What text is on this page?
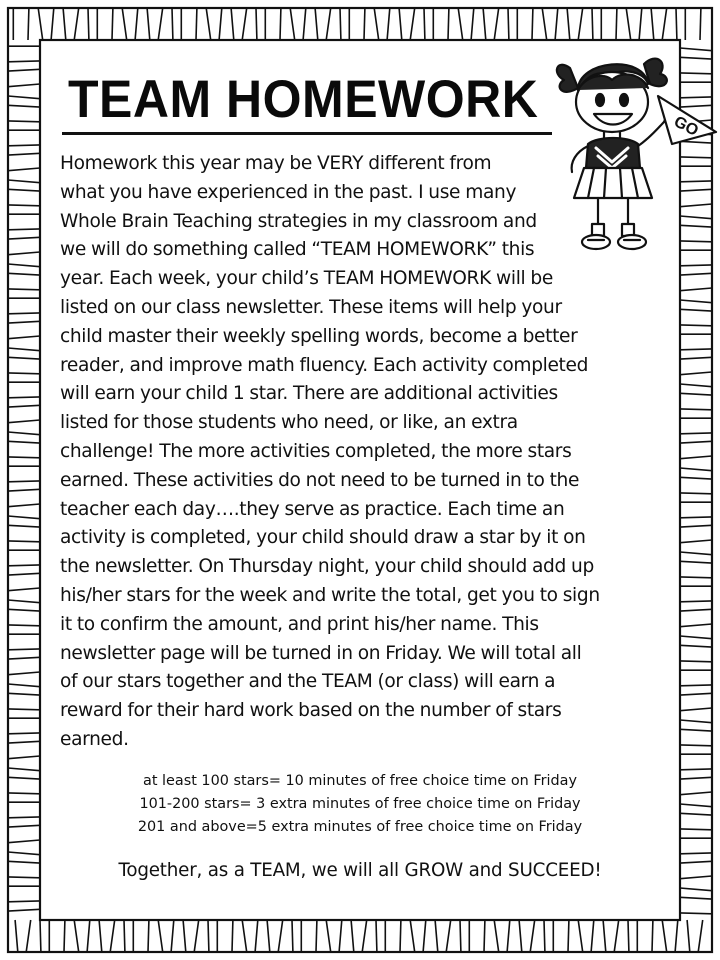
TEAM HOMEWORK	GO

Homework this year may be VERY different from
what you have experienced in the past. I use many
Whole Brain Teaching strategies in my classroom and
we will do something called “TEAM HOMEWORK” this
year. Each week, your child’s TEAM HOMEWORK will be
listed on our class newsletter. These items will help your
child master their weekly spelling words, become a better
reader, and improve math fluency. Each activity completed
will earn your child 1 star. There are additional activities
listed for those students who need, or like, an extra
challenge! The more activities completed, the more stars
earned. These activities do not need to be turned in to the
teacher each day….they serve as practice. Each time an
activity is completed, your child should draw a star by it on
the newsletter. On Thursday night, your child should add up
his/her stars for the week and write the total, get you to sign
it to confirm the amount, and print his/her name. This
newsletter page will be turned in on Friday. We will total all
of our stars together and the TEAM (or class) will earn a
reward for their hard work based on the number of stars
earned.

at least 100 stars= 10 minutes of free choice time on Friday
101-200 stars= 3 extra minutes of free choice time on Friday
201 and above=5 extra minutes of free choice time on Friday
Together, as a TEAM, we will all GROW and SUCCEED!
